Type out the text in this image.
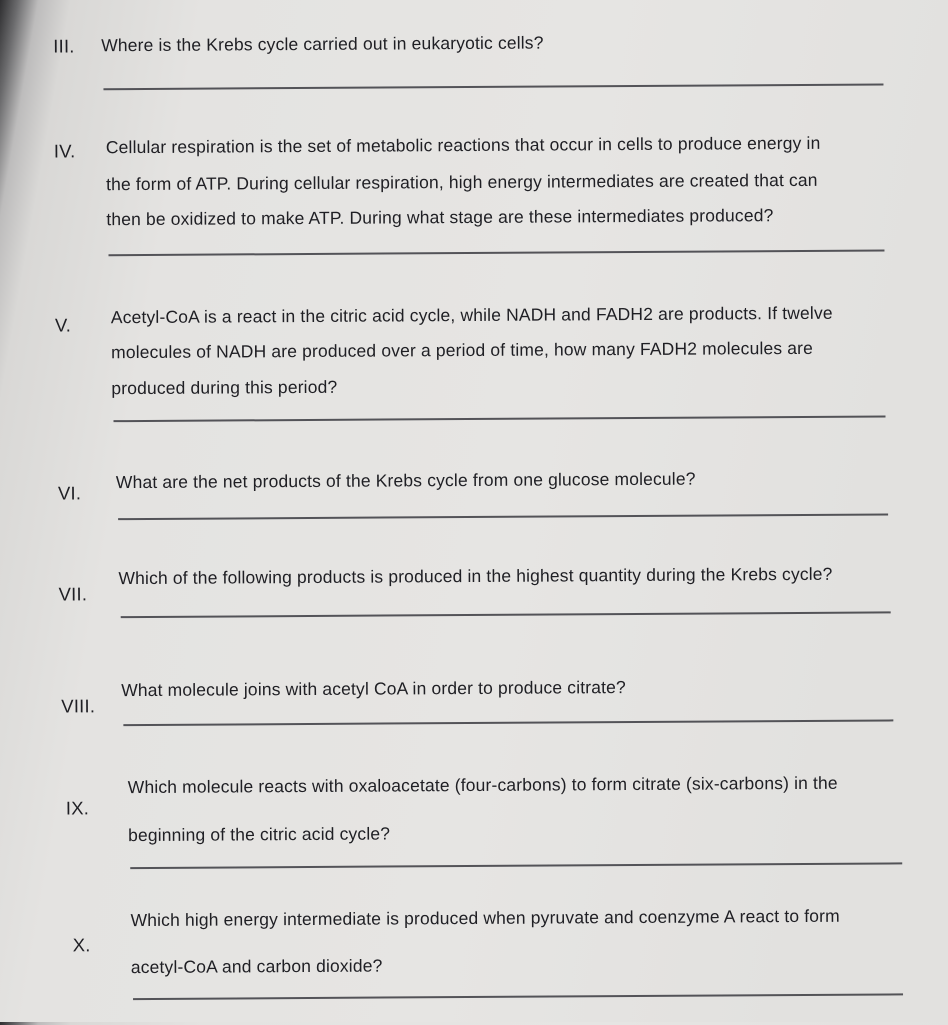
III. Where is the Krebs cycle carried out in eukaryotic cells?
IV. Cellular respiration is the set of metabolic reactions that occur in cells to produce energy in
the form of ATP. During cellular respiration, high energy intermediates are created that can
then be oxidized to make ATP. During what stage are these intermediates produced?
V. Acetyl-CoA is a react in the citric acid cycle, while NADH and FADH2 are products. If twelve
molecules of NADH are produced over a period of time, how many FADH2 molecules are
produced during this period?
VI.
What are the net products of the Krebs cycle from one glucose molecule?
VII.
Which of the following products is produced in the highest quantity during the Krebs cycle?
VIII.
What molecule joins with acetyl CoA in order to produce citrate?
IX.
Which molecule reacts with oxaloacetate (four-carbons) to form citrate (six-carbons) in the
beginning of the citric acid cycle?
X.
Which high energy intermediate is produced when pyruvate and coenzyme A react to form
acetyl-CoA and carbon dioxide?
